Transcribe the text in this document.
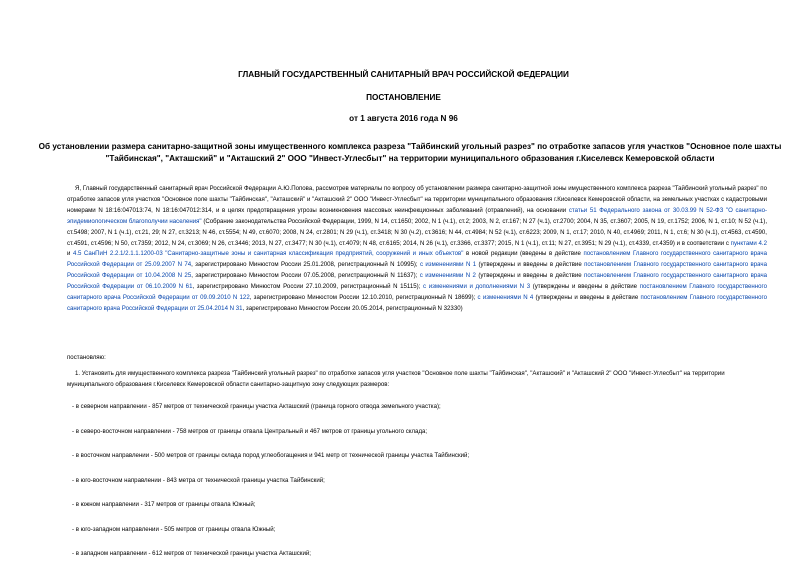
ГЛАВНЫЙ ГОСУДАРСТВЕННЫЙ САНИТАРНЫЙ ВРАЧ РОССИЙСКОЙ ФЕДЕРАЦИИ
ПОСТАНОВЛЕНИЕ
от 1 августа 2016 года N 96
Об установлении размера санитарно-защитной зоны имущественного комплекса разреза "Тайбинский угольный разрез" по отработке запасов угля участков "Основное поле шахты "Тайбинская", "Акташский" и "Акташский 2" ООО "Инвест-Углесбыт" на территории муниципального образования г.Киселевск Кемеровской области
Я, Главный государственный санитарный врач Российской Федерации А.Ю.Попова, рассмотрев материалы по вопросу об установлении размера санитарно-защитной зоны имущественного комплекса разреза "Тайбинский угольный разрез" по отработке запасов угля участков "Основное поле шахты "Тайбинская", "Акташский" и "Акташский 2" ООО "Инвест-Углесбыт" на территории муниципального образования г.Киселевск Кемеровской области, на земельных участках с кадастровыми номерами N 18:16:047013:74, N 18:16:047012:314, и в целях предотвращения угрозы возникновения массовых неинфекционных заболеваний (отравлений), на основании статьи 51 Федерального закона от 30.03.99 N 52-ФЗ "О санитарно-эпидемиологическом благополучии населения" (Собрание законодательства Российской Федерации, 1999, N 14, ст.1650; 2002, N 1 (ч.1), ст.2; 2003, N 2, ст.167; N 27 (ч.1), ст.2700; 2004, N 35, ст.3607; 2005, N 19, ст.1752; 2006, N 1, ст.10; N 52 (ч.1), ст.5498; 2007, N 1 (ч.1), ст.21, 29; N 27, ст.3213; N 46, ст.5554; N 49, ст.6070; 2008, N 24, ст.2801; N 29 (ч.1), ст.3418; N 30 (ч.2), ст.3616; N 44, ст.4984; N 52 (ч.1), ст.6223; 2009, N 1, ст.17; 2010, N 40, ст.4969; 2011, N 1, ст.6; N 30 (ч.1), ст.4563, ст.4590, ст.4591, ст.4596; N 50, ст.7359; 2012, N 24, ст.3069; N 26, ст.3446; 2013, N 27, ст.3477; N 30 (ч.1), ст.4079; N 48, ст.6165; 2014, N 26 (ч.1), ст.3366, ст.3377; 2015, N 1 (ч.1), ст.11; N 27, ст.3951; N 29 (ч.1), ст.4339, ст.4359) и в соответствии с пунктами 4.2 и 4.5 СанПиН 2.2.1/2.1.1.1200-03 "Санитарно-защитные зоны и санитарная классификация предприятий, сооружений и иных объектов" в новой редакции (введены в действие постановлением Главного государственного санитарного врача Российской Федерации от 25.09.2007 N 74, зарегистрировано Минюстом России 25.01.2008, регистрационный N 10995); с изменениями N 1 (утверждены и введены в действие постановлением Главного государственного санитарного врача Российской Федерации от 10.04.2008 N 25, зарегистрировано Минюстом России 07.05.2008, регистрационный N 11637); с изменениями N 2 (утверждены и введены в действие постановлением Главного государственного санитарного врача Российской Федерации от 06.10.2009 N 61, зарегистрировано Минюстом России 27.10.2009, регистрационный N 15115); с изменениями и дополнениями N 3 (утверждены и введены в действие постановлением Главного государственного санитарного врача Российской Федерации от 09.09.2010 N 122, зарегистрировано Минюстом России 12.10.2010, регистрационный N 18699); с изменениями N 4 (утверждены и введены в действие постановлением Главного государственного санитарного врача Российской Федерации от 25.04.2014 N 31, зарегистрировано Минюстом России 20.05.2014, регистрационный N 32330)
постановляю:
1. Установить для имущественного комплекса разреза "Тайбинский угольный разрез" по отработке запасов угля участков "Основное поле шахты "Тайбинская", "Акташский" и "Акташский 2" ООО "Инвест-Углесбыт" на территории муниципального образования г.Киселевск Кемеровской области санитарно-защитную зону следующих размеров:
- в северном направлении - 857 метров от технической границы участка Акташский (граница горного отвода земельного участка);
- в северо-восточном направлении - 758 метров от границы отвала Центральный и 467 метров от границы угольного склада;
- в восточном направлении - 500 метров от границы склада пород углеобогащения и 941 метр от технической границы участка Тайбинский;
- в юго-восточном направлении - 843 метра от технической границы участка Тайбинский;
- в южном направлении - 317 метров от границы отвала Южный;
- в юго-западном направлении - 505 метров от границы отвала Южный;
- в западном направлении - 612 метров от технической границы участка Акташский;
